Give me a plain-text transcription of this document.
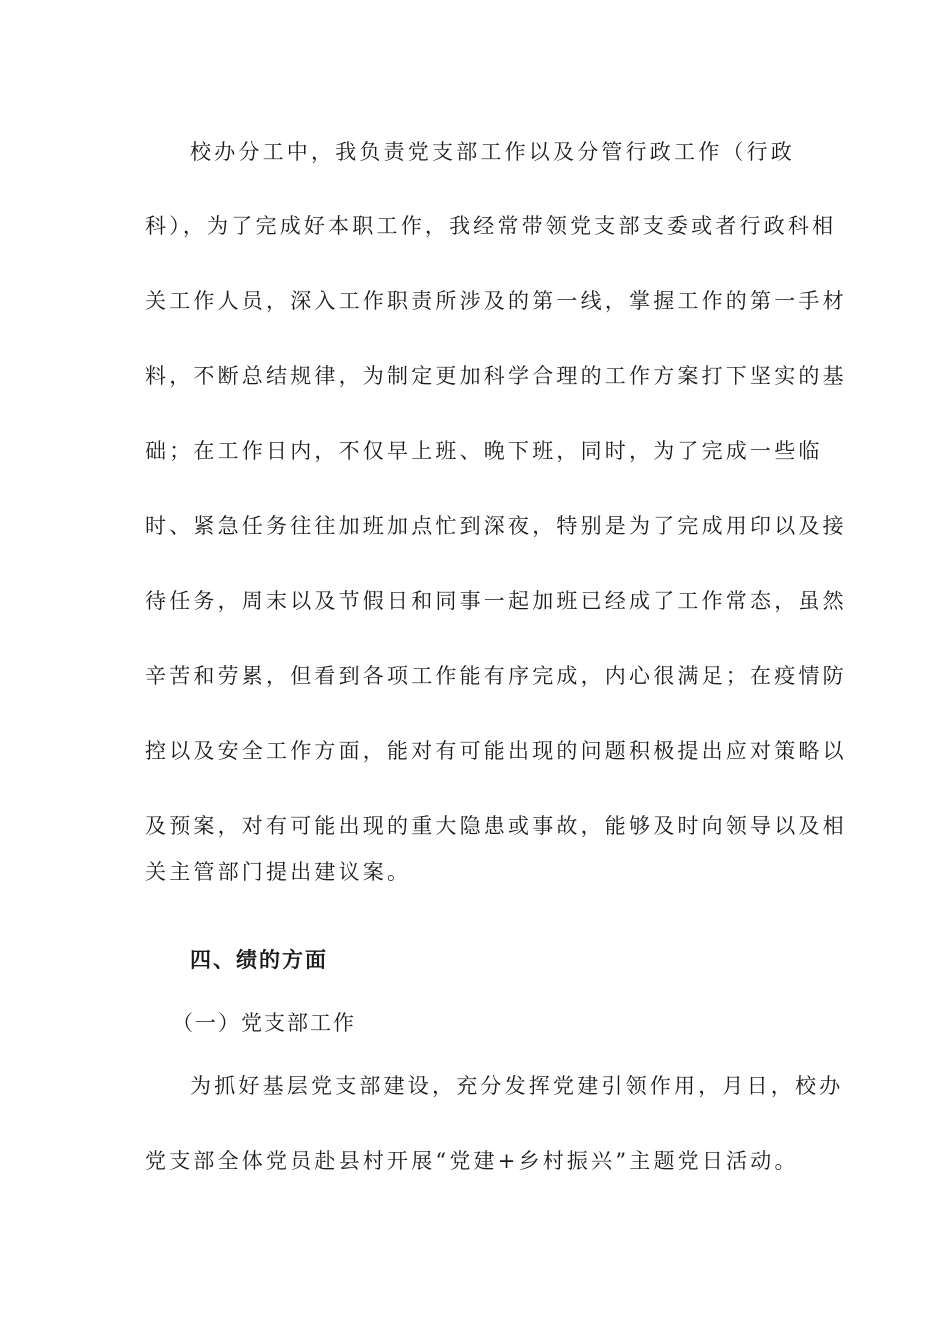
校办分工中，我负责党支部工作以及分管行政工作（行政
科），为了完成好本职工作，我经常带领党支部支委或者行政科相
关工作人员，深入工作职责所涉及的第一线，掌握工作的第一手材
料，不断总结规律，为制定更加科学合理的工作方案打下坚实的基
础；在工作日内，不仅早上班、晚下班，同时，为了完成一些临
时、紧急任务往往加班加点忙到深夜，特别是为了完成用印以及接
待任务，周末以及节假日和同事一起加班已经成了工作常态，虽然
辛苦和劳累，但看到各项工作能有序完成，内心很满足；在疫情防
控以及安全工作方面，能对有可能出现的问题积极提出应对策略以
及预案，对有可能出现的重大隐患或事故，能够及时向领导以及相
关主管部门提出建议案。
四、绩的方面
（一）党支部工作
为抓好基层党支部建设，充分发挥党建引领作用，月日，校办
党支部全体党员赴县村开展“党建+乡村振兴”主题党日活动。
